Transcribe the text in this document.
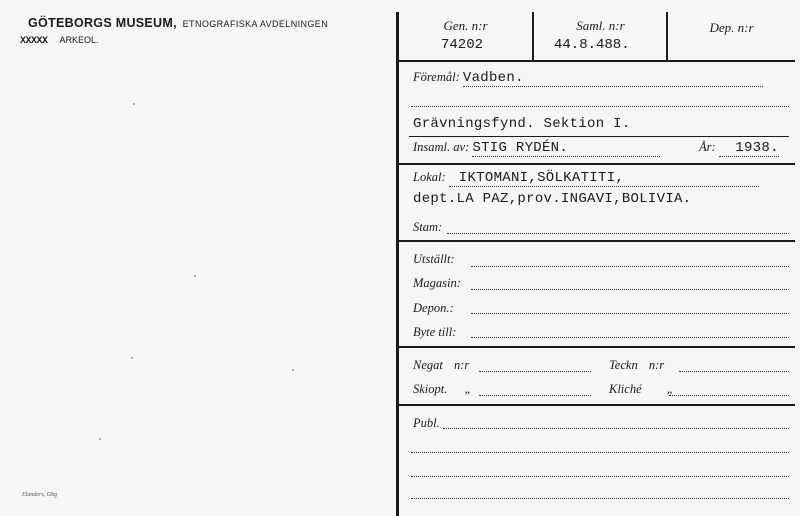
GÖTEBORGS MUSEUM, ETNOGRAFISKA AVDELNINGEN
XXXXX ARKEOL.
Elanders, Gbg
Gen. n:r
74202
Saml. n:r
44.8.488.
Dep. n:r
Föremål: Vadben.
Grävningsfynd. Sektion I.
Insaml. av: STIG RYDÉN.	År: 1938.
Lokal: IKTOMANI,SÖLKATITI,
dept.LA PAZ,prov.INGAVI,BOLIVIA.
Stam:
Utställt:
Magasin:
Depon.:
Byte till:
Negat n:r	Teckn n:r
Skiopt. „	Kliché „
Publ.
